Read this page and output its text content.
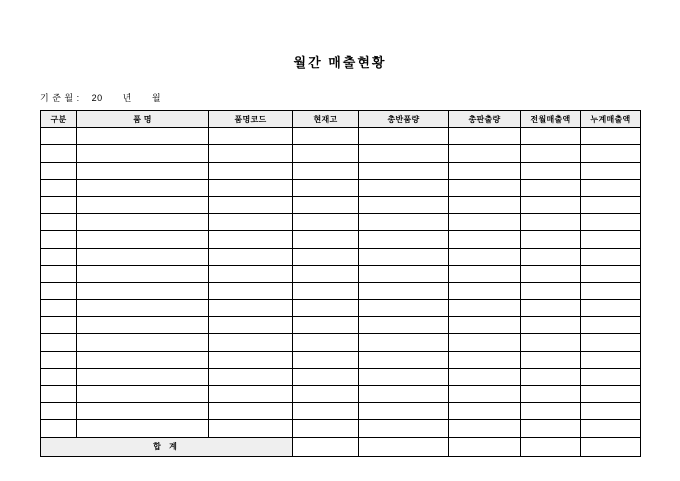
월간 매출현황
기 준 월 : 20 년 월
구분	품 명	품명코드	현재고	총반품량	총판출량	전월매출액	누계매출액

합 계							
